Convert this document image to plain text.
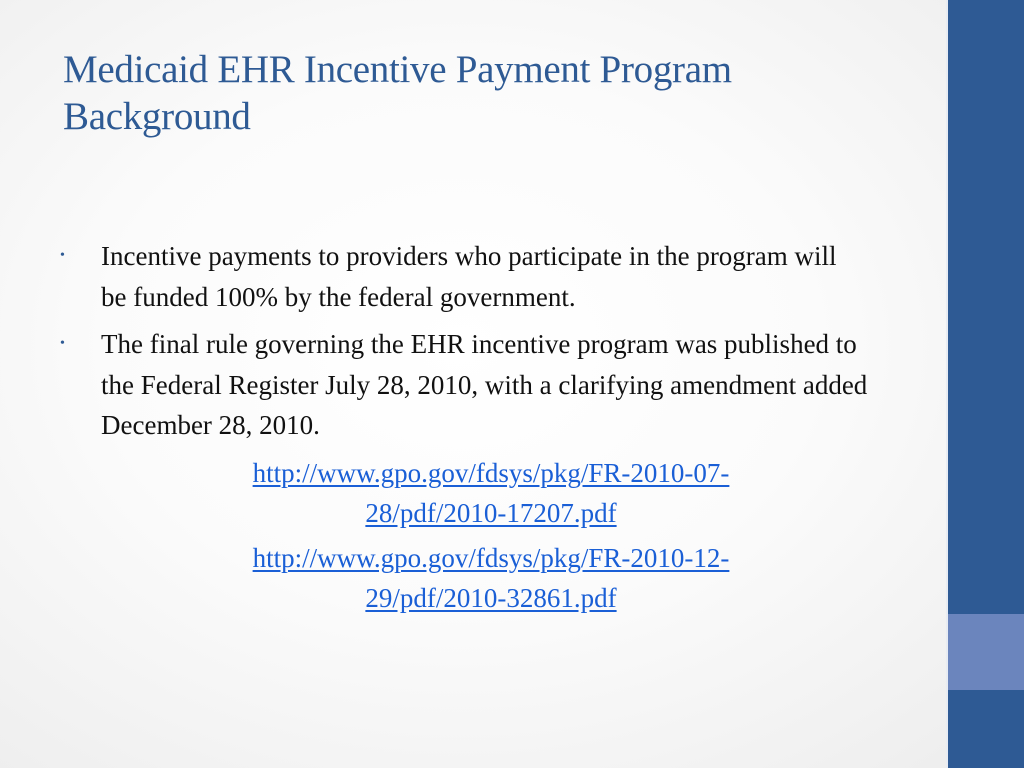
Medicaid EHR Incentive Payment Program
Background
• Incentive payments to providers who participate in the program will be funded 100% by the federal government.
• The final rule governing the EHR incentive program was published to the Federal Register July 28, 2010, with a clarifying amendment added December 28, 2010.
http://www.gpo.gov/fdsys/pkg/FR-2010-07-
28/pdf/2010-17207.pdf
http://www.gpo.gov/fdsys/pkg/FR-2010-12-
29/pdf/2010-32861.pdf
